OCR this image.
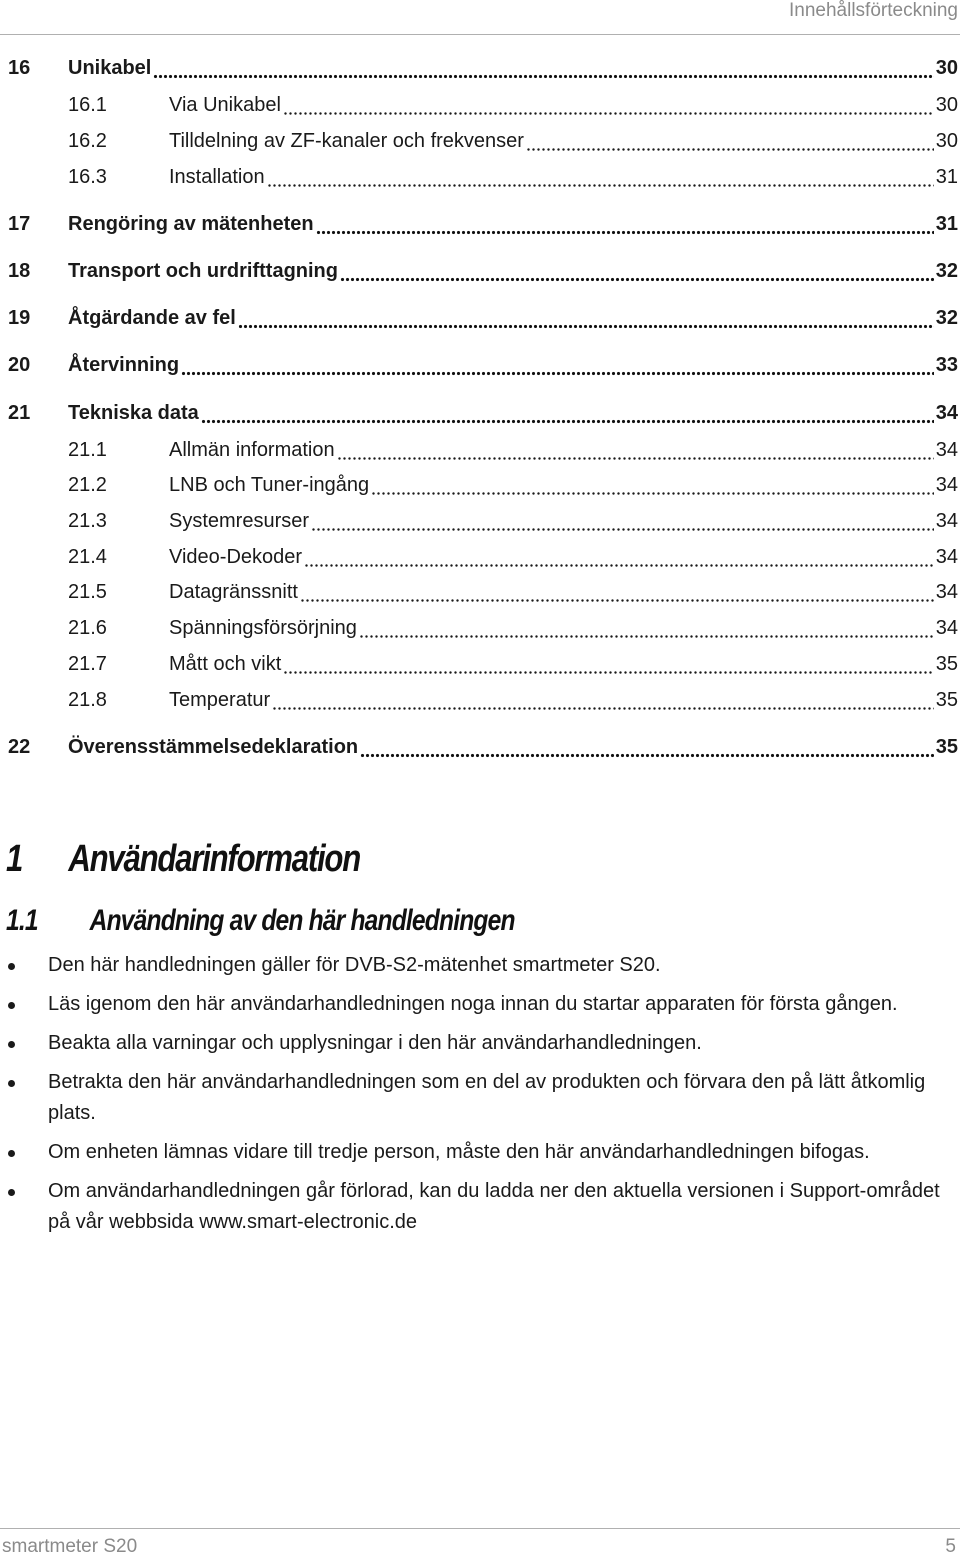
Innehållsförteckning
16	Unikabel	30
16.1	Via Unikabel	30
16.2	Tilldelning av ZF-kanaler och frekvenser	30
16.3	Installation	31
17	Rengöring av mätenheten	31
18	Transport och urdrifttagning	32
19	Åtgärdande av fel	32
20	Återvinning	33
21	Tekniska data	34
21.1	Allmän information	34
21.2	LNB och Tuner-ingång	34
21.3	Systemresurser	34
21.4	Video-Dekoder	34
21.5	Datagränssnitt	34
21.6	Spänningsförsörjning	34
21.7	Mått och vikt	35
21.8	Temperatur	35
22	Överensstämmelsedeklaration	35
1 Användarinformation
1.1 Användning av den här handledningen
Den här handledningen gäller för DVB-S2-mätenhet smartmeter S20.
Läs igenom den här användarhandledningen noga innan du startar apparaten för första gången.
Beakta alla varningar och upplysningar i den här användarhandledningen.
Betrakta den här användarhandledningen som en del av produkten och förvara den på lätt åtkomlig plats.
Om enheten lämnas vidare till tredje person, måste den här användarhandledningen bifogas.
Om användarhandledningen går förlorad, kan du ladda ner den aktuella versionen i Support-området på vår webbsida www.smart-electronic.de
smartmeter S20	5
